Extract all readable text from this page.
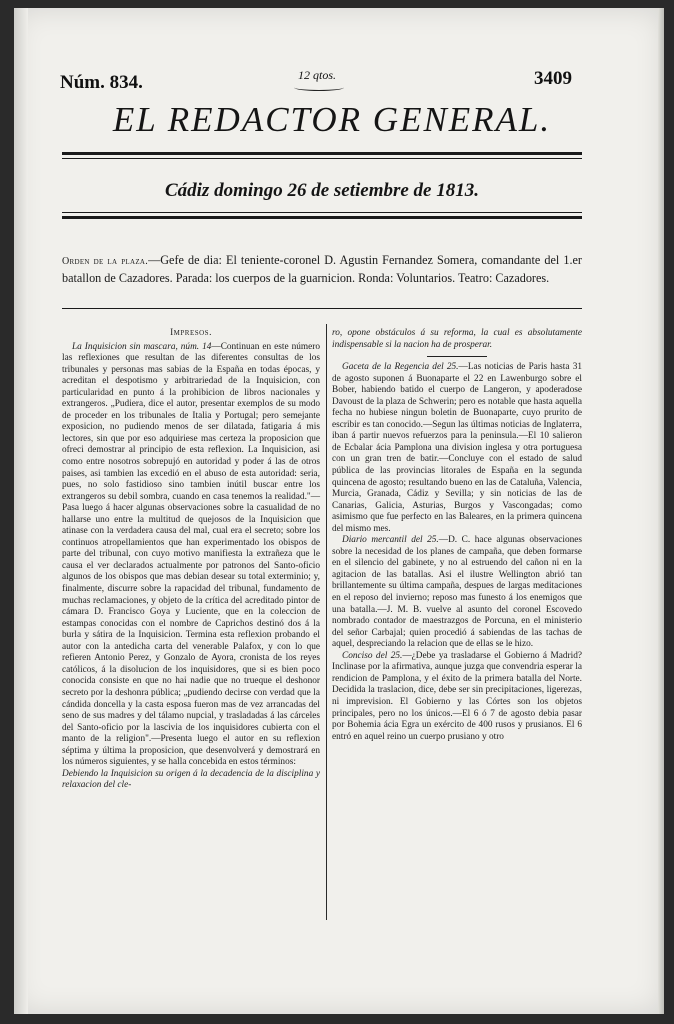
Núm. 834.	12 qtos.	3409
EL REDACTOR GENERAL.
Cádiz domingo 26 de setiembre de 1813.
Orden de la plaza.—Gefe de dia: El teniente-coronel D. Agustin Fernandez Somera, comandante del 1.er batallon de Cazadores. Parada: los cuerpos de la guarnicion. Ronda: Voluntarios. Teatro: Cazadores.

Impresos.

La Inquisicion sin mascara, núm. 14—Continuan en este número las reflexiones que resultan de las diferentes consultas de los tribunales y personas mas sabias de la España en todas épocas, y acreditan el despotismo y arbitrariedad de la Inquisicion, con particularidad en punto á la prohibicion de libros nacionales y extrangeros. „Pudiera, dice el autor, presentar exemplos de su modo de proceder en los tribunales de Italia y Portugal; pero semejante exposicion, no pudiendo menos de ser dilatada, fatigaria á mis lectores, sin que por eso adquiriese mas certeza la proposicion que ofreci demostrar al principio de esta reflexion. La Inquisicion, asi como entre nosotros sobrepujó en autoridad y poder á las de otros paises, asi tambien las excedió en el abuso de esta autoridad: seria, pues, no solo fastidioso sino tambien inútil buscar entre los extrangeros su debil sombra, cuando en casa tenemos la realidad."—Pasa luego á hacer algunas observaciones sobre la casualidad de no hallarse uno entre la multitud de quejosos de la Inquisicion que atinase con la verdadera causa del mal, cual era el secreto; sobre los continuos atropellamientos que han experimentado los obispos de parte del tribunal, con cuyo motivo manifiesta la extrañeza que le causa el ver declarados actualmente por patronos del Santo-oficio algunos de los obispos que mas debian desear su total exterminio; y, finalmente, discurre sobre la rapacidad del tribunal, fundamento de muchas reclamaciones, y objeto de la crítica del acreditado pintor de cámara D. Francisco Goya y Luciente, que en la coleccion de estampas conocidas con el nombre de Caprichos destinó dos á la burla y sátira de la Inquisicion. Termina esta reflexion probando el autor con la antedicha carta del venerable Palafox, y con lo que refieren Antonio Perez, y Gonzalo de Ayora, cronista de los reyes católicos, á la disolucion de los inquisidores, que si es bien poco conocida consiste en que no hai nadie que no trueque el deshonor secreto por la deshonra pública; „pudiendo decirse con verdad que la cándida doncella y la casta esposa fueron mas de vez arrancadas del seno de sus madres y del tálamo nupcial, y trasladadas á las cárceles del Santo-oficio por la lascivia de los inquisidores cubierta con el manto de la religion".—Presenta luego el autor en su reflexion séptima y última la proposicion, que desenvolverá y demostrará en los números siguientes, y se halla concebida en estos términos:

Debiendo la Inquisicion su origen á la decadencia de la disciplina y relaxacion del cle-

ro, opone obstáculos á su reforma, la cual es absolutamente indispensable si la nacion ha de prosperar.

Gaceta de la Regencia del 25.—Las noticias de Paris hasta 31 de agosto suponen á Buonaparte el 22 en Lawenburgo sobre el Bober, habiendo batido el cuerpo de Langeron, y apoderadose Davoust de la plaza de Schwerin; pero es notable que hasta aquella fecha no hubiese ningun boletin de Buonaparte, cuyo prurito de escribir es tan conocido.—Segun las últimas noticias de Inglaterra, iban á partir nuevos refuerzos para la peninsula.—El 10 salieron de Ecbalar ácia Pamplona una division inglesa y otra portuguesa con un gran tren de batir.—Concluye con el estado de salud pública de las provincias litorales de España en la segunda quincena de agosto; resultando bueno en las de Cataluña, Valencia, Murcia, Granada, Cádiz y Sevilla; y sin noticias de las de Canarias, Galicia, Asturias, Burgos y Vascongadas; como asimismo que fue perfecto en las Baleares, en la primera quincena del mismo mes.

Diario mercantil del 25.—D. C. hace algunas observaciones sobre la necesidad de los planes de campaña, que deben formarse en el silencio del gabinete, y no al estruendo del cañon ni en la agitacion de las batallas. Asi el ilustre Wellington abrió tan brillantemente su última campaña, despues de largas meditaciones en el reposo del invierno; reposo mas funesto á los enemigos que una batalla.—J. M. B. vuelve al asunto del coronel Escovedo nombrado contador de maestrazgos de Porcuna, en el ministerio del señor Carbajal; quien procedió á sabiendas de las tachas de aquel, despreciando la relacion que de ellas se le hizo.

Conciso del 25.—¿Debe ya trasladarse el Gobierno á Madrid? Inclinase por la afirmativa, aunque juzga que convendria esperar la rendicion de Pamplona, y el éxito de la primera batalla del Norte. Decidida la traslacion, dice, debe ser sin precipitaciones, ligerezas, ni imprevision. El Gobierno y las Córtes son los objetos principales, pero no los únicos.—El 6 ó 7 de agosto debia pasar por Bohemia ácia Egra un exército de 400 rusos y prusianos. El 6 entró en aquel reino un cuerpo prusiano y otro
